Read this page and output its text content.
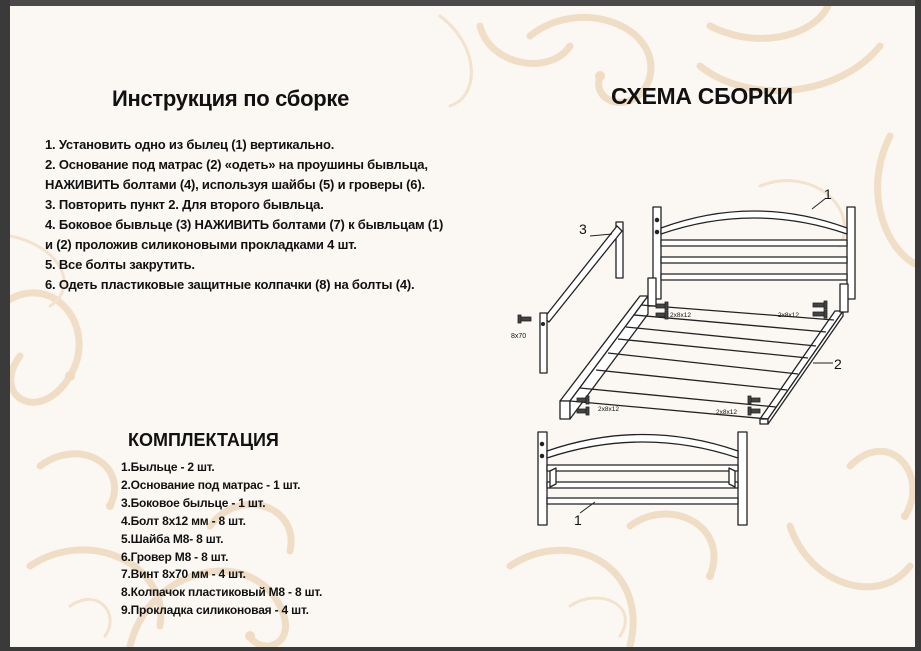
Инструкция по сборке
1. Установить одно из былец (1) вертикально.
2. Основание под матрас (2) «одеть» на проушины бывльца, НАЖИВИТЬ болтами (4), используя шайбы (5) и гроверы (6).
3. Повторить пункт 2. Для второго бывльца.
4. Боковое бывльце (3) НАЖИВИТЬ болтами (7) к бывльцам (1) и (2) проложив силиконовыми прокладками 4 шт.
5. Все болты закрутить.
6. Одеть пластиковые защитные колпачки (8) на болты (4).
КОМПЛЕКТАЦИЯ
1.Быльце - 2 шт.
2.Основание под матрас - 1 шт.
3.Боковое быльце - 1 шт.
4.Болт 8х12 мм - 8 шт.
5.Шайба М8- 8 шт.
6.Гровер М8 - 8 шт.
7.Винт 8х70 мм - 4 шт.
8.Колпачок пластиковый М8 - 8 шт.
9.Прокладка силиконовая - 4 шт.
СХЕМА СБОРКИ
1
2
3
1
8х70
2х8х12	2х8х12
2х8х12	2х8х12
